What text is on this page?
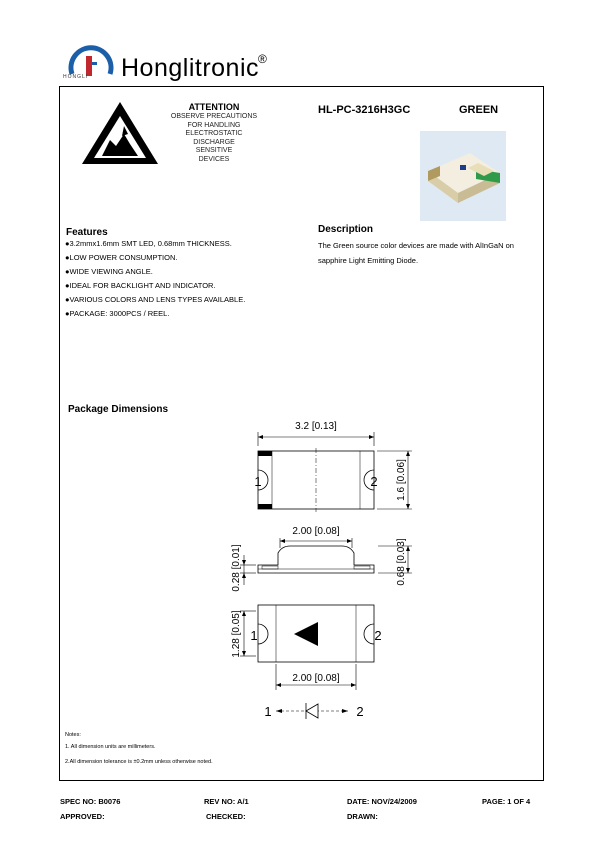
HONGLI Honglitronic
®
ATTENTION
OBSERVE PRECAUTIONS
FOR HANDLING
ELECTROSTATIC
DISCHARGE
SENSITIVE
DEVICES
HL-PC-3216H3GC	GREEN
Features
●3.2mmx1.6mm SMT LED, 0.68mm THICKNESS.
●LOW POWER CONSUMPTION.
●WIDE VIEWING ANGLE.
●IDEAL FOR BACKLIGHT AND INDICATOR.
●VARIOUS COLORS AND LENS TYPES AVAILABLE.
●PACKAGE: 3000PCS / REEL.
Description
The Green source color devices are made with AlInGaN on
sapphire Light Emitting Diode.
Package Dimensions
3.2 [0.13]
1	2 1.6 [0.06]
2.00 [0.08]
0.28 [0.01]	0.68 [0.03]
1	2
1.28 [0.05]
2.00 [0.08]
1	2
Notes:
1. All dimension units are millimeters.
2.All dimension tolerance is ±0.2mm unless otherwise noted.
SPEC NO: B0076	REV NO: A/1	DATE: NOV/24/2009	PAGE: 1 OF 4
APPROVED:	CHECKED:	DRAWN:
